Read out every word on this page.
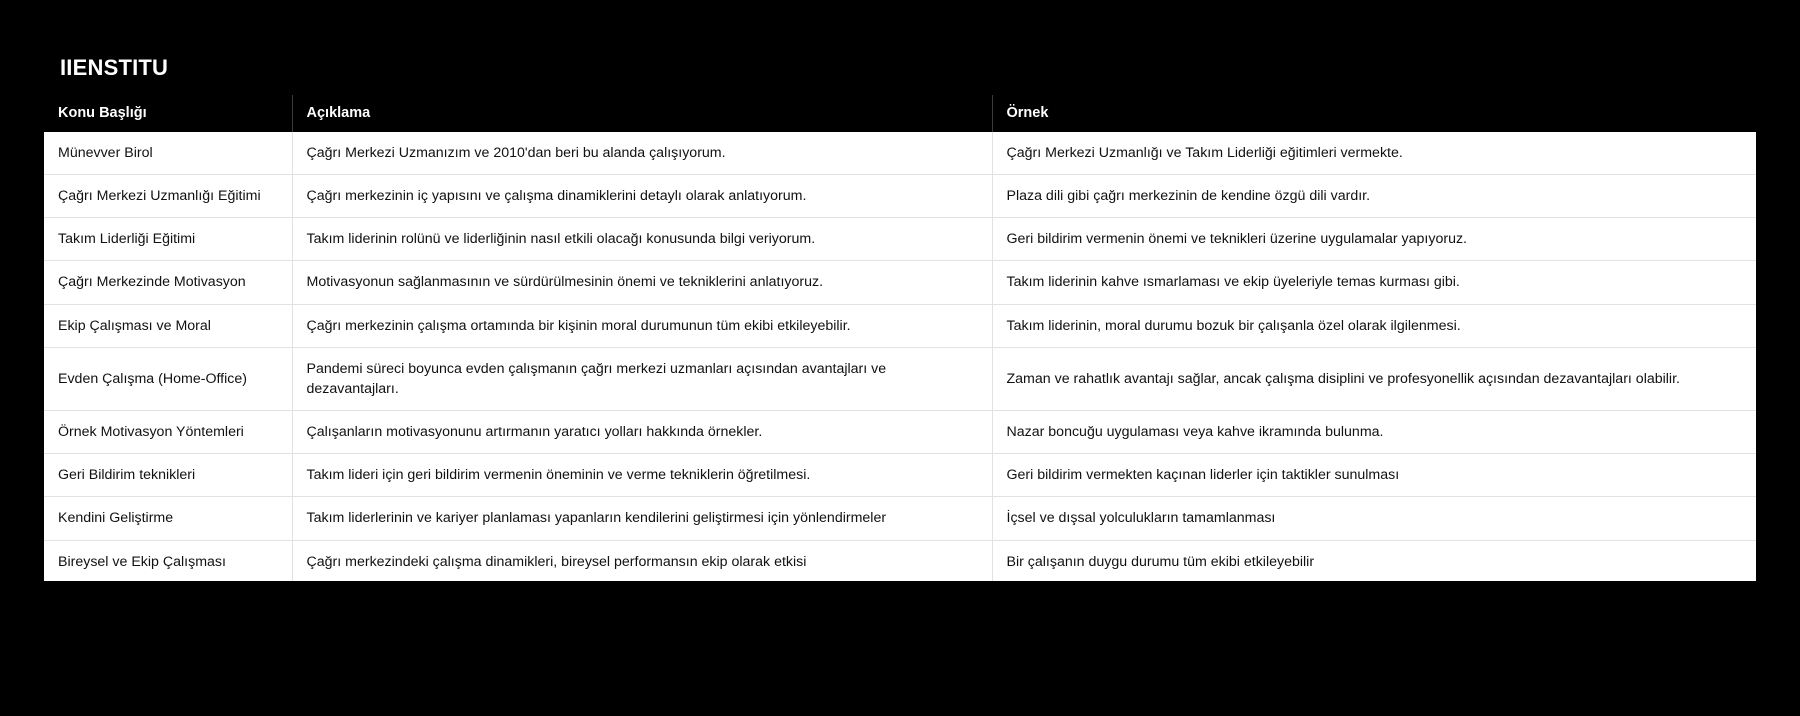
IIENSTITU
Konu Başlığı	Açıklama	Örnek
Münevver Birol	Çağrı Merkezi Uzmanızım ve 2010'dan beri bu alanda çalışıyorum.	Çağrı Merkezi Uzmanlığı ve Takım Liderliği eğitimleri vermekte.
Çağrı Merkezi Uzmanlığı Eğitimi	Çağrı merkezinin iç yapısını ve çalışma dinamiklerini detaylı olarak anlatıyorum.	Plaza dili gibi çağrı merkezinin de kendine özgü dili vardır.
Takım Liderliği Eğitimi	Takım liderinin rolünü ve liderliğinin nasıl etkili olacağı konusunda bilgi veriyorum.	Geri bildirim vermenin önemi ve teknikleri üzerine uygulamalar yapıyoruz.
Çağrı Merkezinde Motivasyon	Motivasyonun sağlanmasının ve sürdürülmesinin önemi ve tekniklerini anlatıyoruz.	Takım liderinin kahve ısmarlaması ve ekip üyeleriyle temas kurması gibi.
Ekip Çalışması ve Moral	Çağrı merkezinin çalışma ortamında bir kişinin moral durumunun tüm ekibi etkileyebilir.	Takım liderinin, moral durumu bozuk bir çalışanla özel olarak ilgilenmesi.
Evden Çalışma (Home-Office)	Pandemi süreci boyunca evden çalışmanın çağrı merkezi uzmanları açısından avantajları ve dezavantajları.	Zaman ve rahatlık avantajı sağlar, ancak çalışma disiplini ve profesyonellik açısından dezavantajları olabilir.
Örnek Motivasyon Yöntemleri	Çalışanların motivasyonunu artırmanın yaratıcı yolları hakkında örnekler.	Nazar boncuğu uygulaması veya kahve ikramında bulunma.
Geri Bildirim teknikleri	Takım lideri için geri bildirim vermenin öneminin ve verme tekniklerin öğretilmesi.	Geri bildirim vermekten kaçınan liderler için taktikler sunulması
Kendini Geliştirme	Takım liderlerinin ve kariyer planlaması yapanların kendilerini geliştirmesi için yönlendirmeler	İçsel ve dışsal yolculukların tamamlanması
Bireysel ve Ekip Çalışması	Çağrı merkezindeki çalışma dinamikleri, bireysel performansın ekip olarak etkisi	Bir çalışanın duygu durumu tüm ekibi etkileyebilir
